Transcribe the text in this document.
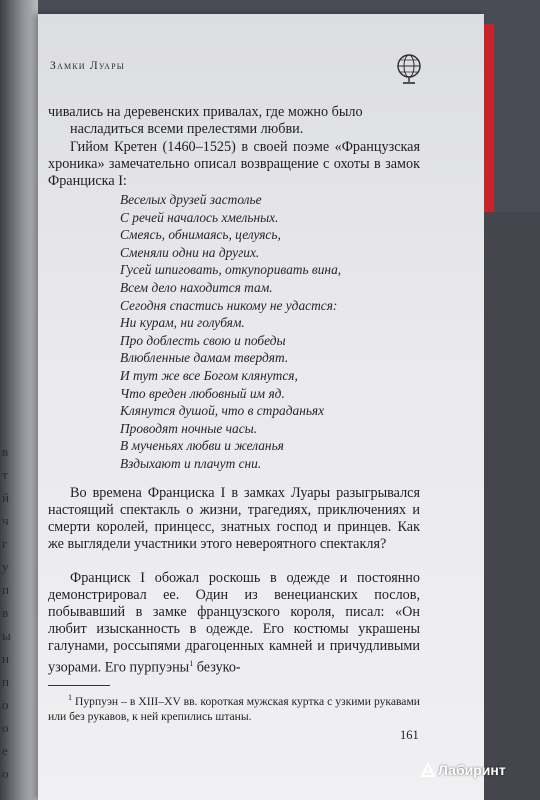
в
т
й
ч
г
у
п
в
ы
н
п
о
о
е
о
Замки Луары

чивались на деревенских привалах, где можно было

насладиться всеми прелестями любви.

Гийом Кретен (1460–1525) в своей поэме «Французская хроника» замечательно описал возвращение с охоты в замок Франциска I:

Веселых друзей застолье
С речей началось хмельных.
Смеясь, обнимаясь, целуясь,
Сменяли одни на других.
Гусей шпиговать, откупоривать вина,
Всем дело находится там.
Сегодня спастись никому не удастся:
Ни курам, ни голубям.
Про доблесть свою и победы
Влюбленные дамам твердят.
И тут же все Богом клянутся,
Что вреден любовный им яд.
Клянутся душой, что в страданьях
Проводят ночные часы.
В мученьях любви и желанья
Вздыхают и плачут сни.

Во времена Франциска I в замках Луары разыгрывался настоящий спектакль о жизни, трагедиях, приключениях и смерти королей, принцесс, знатных господ и принцев. Как же выглядели участники этого невероятного спектакля?

Франциск I обожал роскошь в одежде и постоянно демонстрировал ее. Один из венецианских послов, побывавший в замке французского короля, писал: «Он любит изысканность в одежде. Его костюмы украшены галунами, россыпями драгоценных камней и причудливыми узорами. Его пурпуэны$^1$ безуко-

$^1$ Пурпуэн – в XIII–XV вв. короткая мужская куртка с узкими рукавами или без рукавов, к ней крепились штаны.
161
Лабиринт
